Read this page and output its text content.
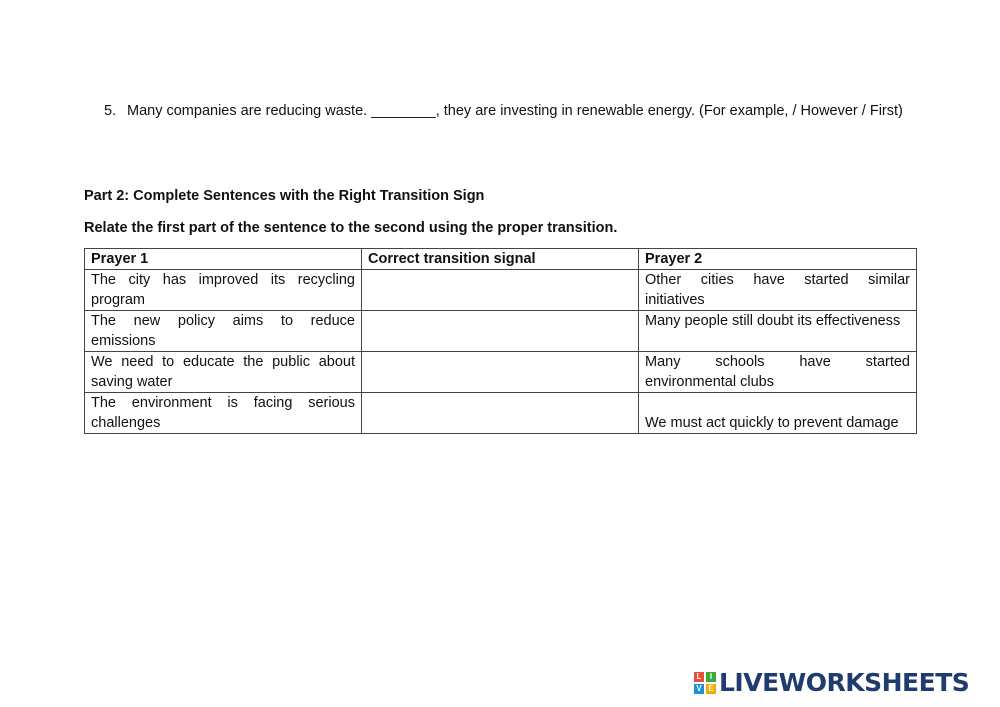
5. Many companies are reducing waste. ________, they are investing in renewable energy. (For example, / However / First)
Part 2: Complete Sentences with the Right Transition Sign
Relate the first part of the sentence to the second using the proper transition.
Prayer 1	Correct transition signal	Prayer 2
The city has improved its recycling program		Other cities have started similar initiatives
The new policy aims to reduce emissions		Many people still doubt its effectiveness
We need to educate the public about saving water		Many schools have started environmental clubs
The environment is facing serious challenges		We must act quickly to prevent damage
L	I
V E LIVEWORKSHEETS
